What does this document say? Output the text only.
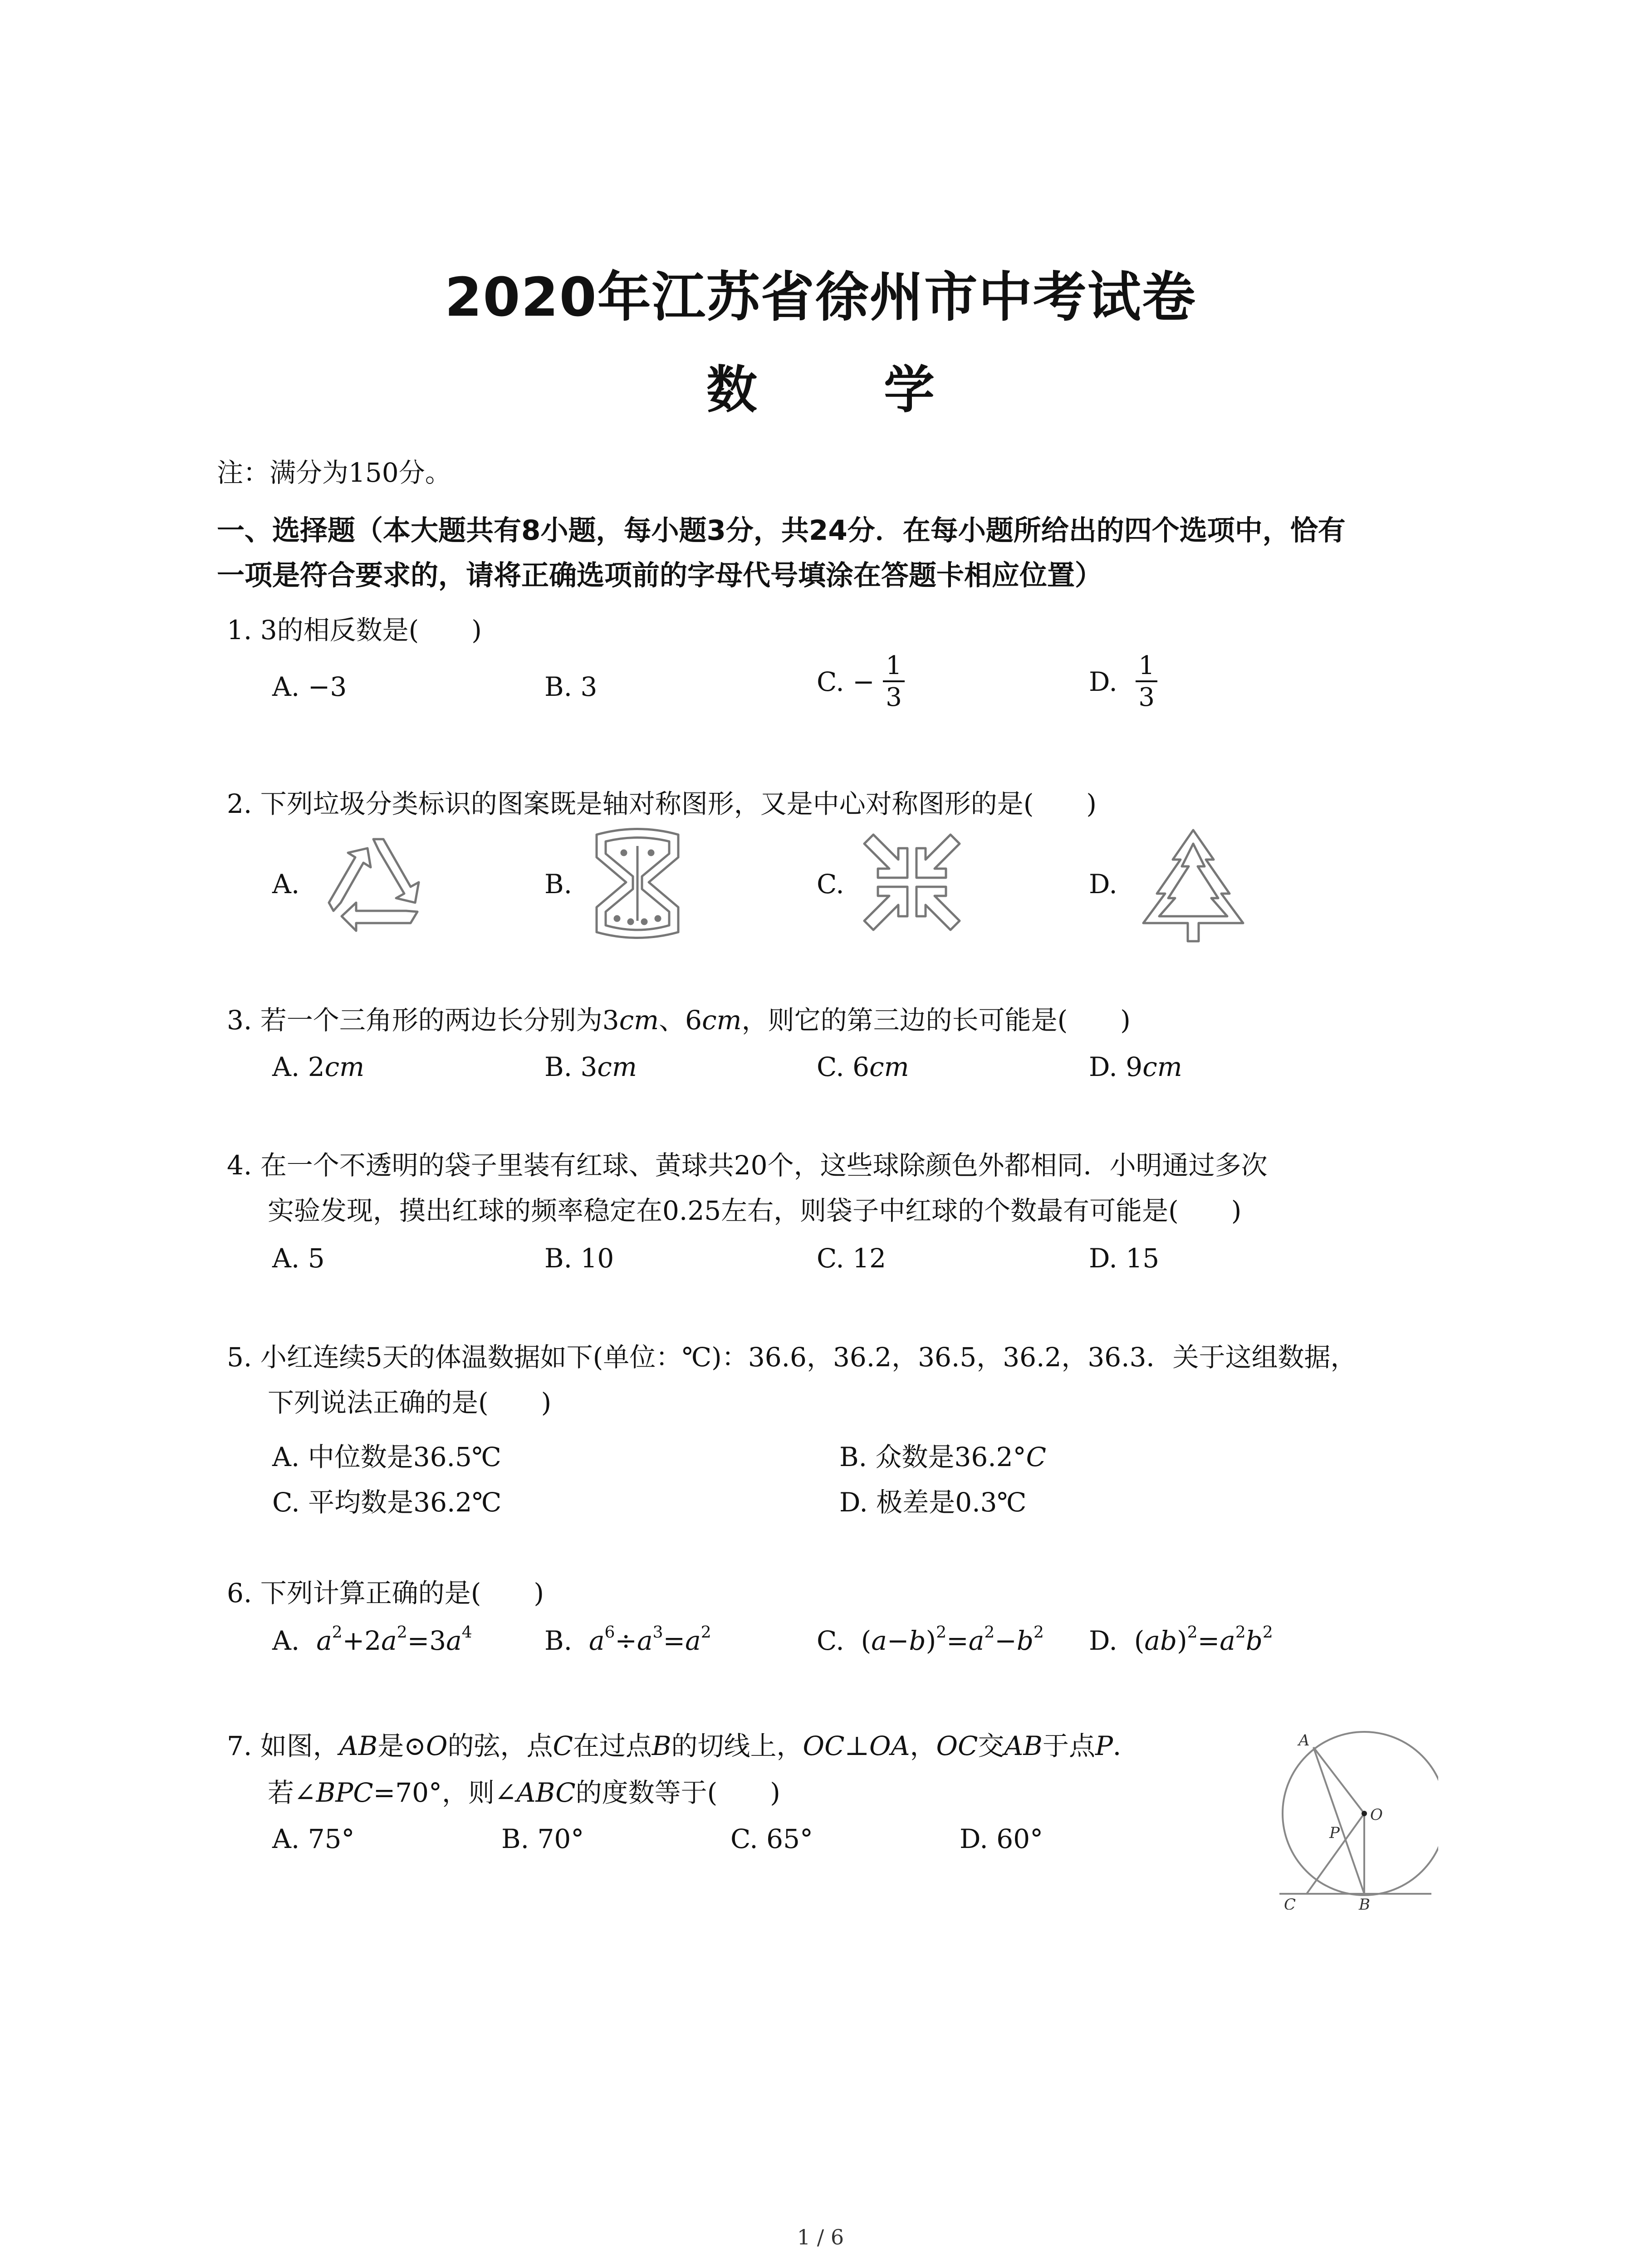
2020年江苏省徐州市中考试卷
数 学
注：满分为150分。
一、选择题（本大题共有8小题，每小题3分，共24分．在每小题所给出的四个选项中，恰有
一项是符合要求的，请将正确选项前的字母代号填涂在答题卡相应位置）
1. 3的相反数是(　　)
A. −3	B. 3	C. − $\frac{1}{3}$	D. $\frac{1}{3}$
2. 下列垃圾分类标识的图案既是轴对称图形，又是中心对称图形的是(　　)
A.	B.	C.	D.
3. 若一个三角形的两边长分别为3cm、6cm，则它的第三边的长可能是(　　)
A. 2cm	B. 3cm	C. 6cm	D. 9cm
4. 在一个不透明的袋子里装有红球、黄球共20个，这些球除颜色外都相同．小明通过多次
实验发现，摸出红球的频率稳定在0.25左右，则袋子中红球的个数最有可能是(　　)
A. 5	B. 10	C. 12	D. 15
5. 小红连续5天的体温数据如下(单位：℃)：36.6，36.2，36.5，36.2，36.3．关于这组数据，
下列说法正确的是(　　)
A. 中位数是36.5℃	B. 众数是36.2°C
C. 平均数是36.2℃	D. 极差是0.3℃
6. 下列计算正确的是(　　)
A. $a^2+2a^2=3a^4$	B. $a^6\div a^3=a^2$	C.  $(a-b)^2=a^2-b^2$ D.  $(ab)^2=a^2b^2$
7. 如图，AB是⊙O的弦，点C在过点B的切线上，OC⊥OA，OC交AB于点P．
若∠BPC=70°，则∠ABC的度数等于(　　)
A. 75°	B. 70°	C. 65°	D. 60°
A
O
P
C	B
1 / 6
